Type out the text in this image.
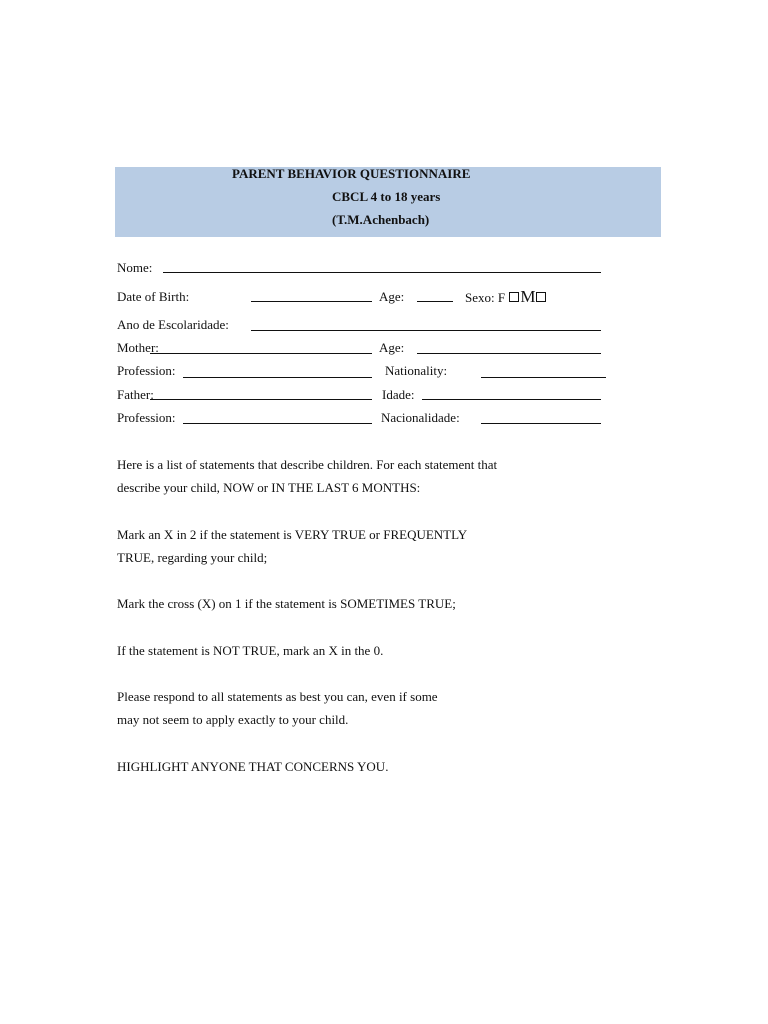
PARENT BEHAVIOR QUESTIONNAIRE
CBCL 4 to 18 years
(T.M.Achenbach)
Nome:
Date of Birth:	Age:	Sexo: F M
Ano de Escolaridade:
Mother:	Age:
Profession:	Nationality:
Father:	Idade:
Profession:	Nacionalidade:
Here is a list of statements that describe children. For each statement that
describe your child, NOW or IN THE LAST 6 MONTHS:
Mark an X in 2 if the statement is VERY TRUE or FREQUENTLY
TRUE, regarding your child;
Mark the cross (X) on 1 if the statement is SOMETIMES TRUE;
If the statement is NOT TRUE, mark an X in the 0.
Please respond to all statements as best you can, even if some
may not seem to apply exactly to your child.
HIGHLIGHT ANYONE THAT CONCERNS YOU.
